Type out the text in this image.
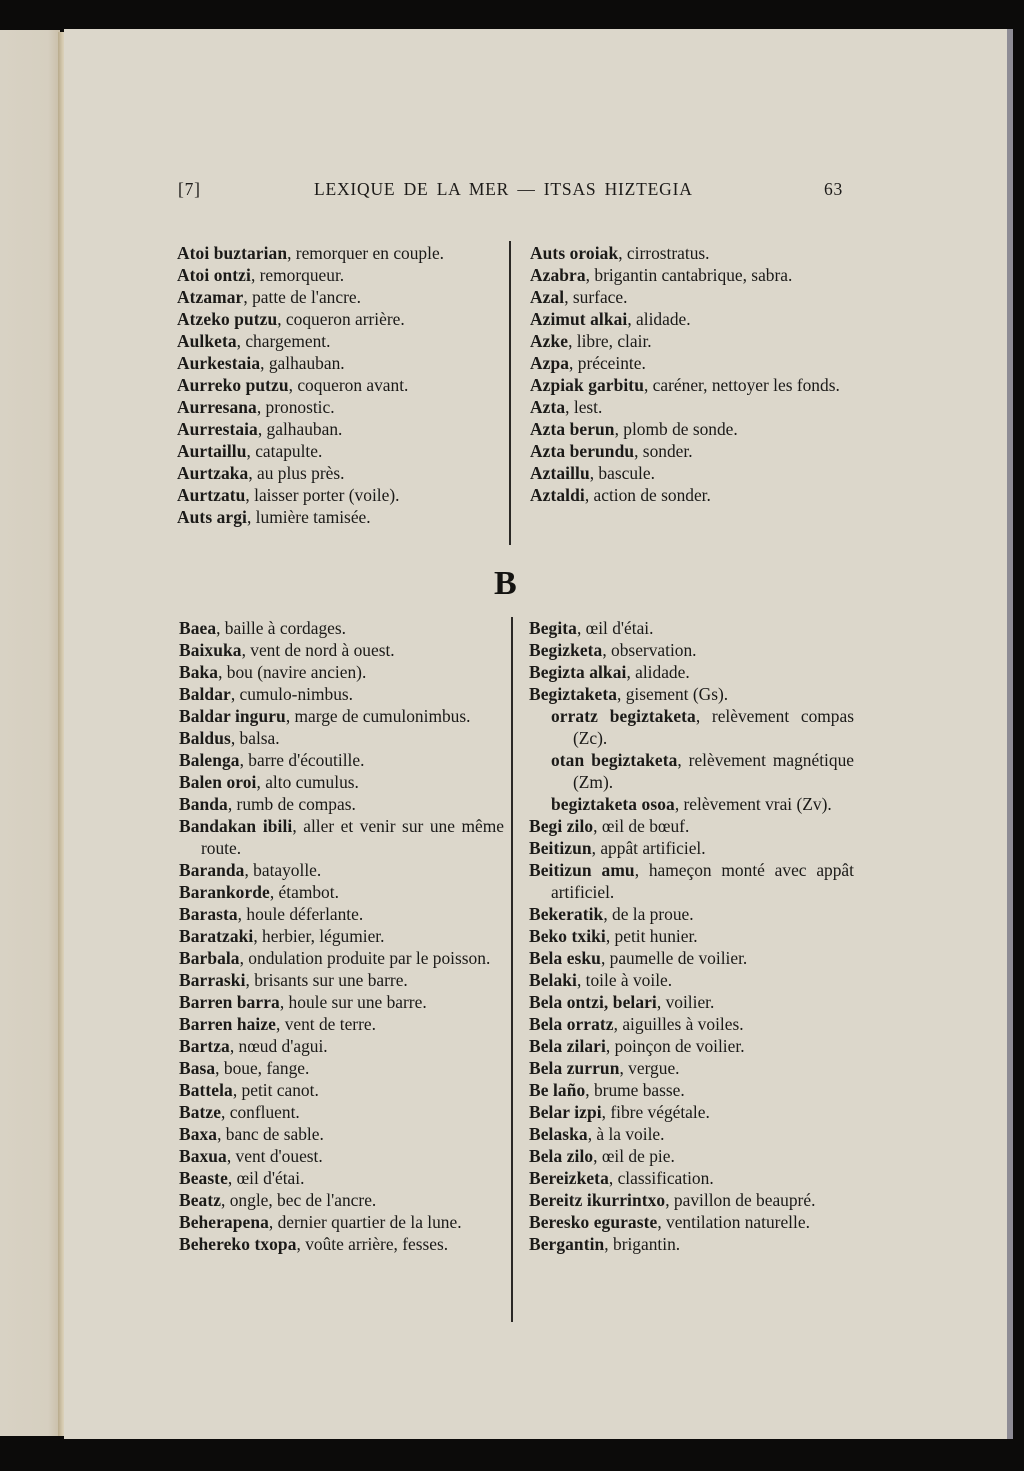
[7]	LEXIQUE DE LA MER — ITSAS HIZTEGIA	63

Atoi buztarian, remorquer en couple.

Atoi ontzi, remorqueur.

Atzamar, patte de l'ancre.

Atzeko putzu, coqueron arrière.

Aulketa, chargement.

Aurkestaia, galhauban.

Aurreko putzu, coqueron avant.

Aurresana, pronostic.

Aurrestaia, galhauban.

Aurtaillu, catapulte.

Aurtzaka, au plus près.

Aurtzatu, laisser porter (voile).

Auts argi, lumière tamisée.

Auts oroiak, cirrostratus.

Azabra, brigantin cantabrique, sabra.

Azal, surface.

Azimut alkai, alidade.

Azke, libre, clair.

Azpa, préceinte.

Azpiak garbitu, caréner, nettoyer les fonds.

Azta, lest.

Azta berun, plomb de sonde.

Azta berundu, sonder.

Aztaillu, bascule.

Aztaldi, action de sonder.

B

Baea, baille à cordages.

Baixuka, vent de nord à ouest.

Baka, bou (navire ancien).

Baldar, cumulo-nimbus.

Baldar inguru, marge de cumulonimbus.

Baldus, balsa.

Balenga, barre d'écoutille.

Balen oroi, alto cumulus.

Banda, rumb de compas.

Bandakan ibili, aller et venir sur une même route.

Baranda, batayolle.

Barankorde, étambot.

Barasta, houle déferlante.

Baratzaki, herbier, légumier.

Barbala, ondulation produite par le poisson.

Barraski, brisants sur une barre.

Barren barra, houle sur une barre.

Barren haize, vent de terre.

Bartza, nœud d'agui.

Basa, boue, fange.

Battela, petit canot.

Batze, confluent.

Baxa, banc de sable.

Baxua, vent d'ouest.

Beaste, œil d'étai.

Beatz, ongle, bec de l'ancre.

Beherapena, dernier quartier de la lune.

Behereko txopa, voûte arrière, fesses.

Begita, œil d'étai.

Begizketa, observation.

Begizta alkai, alidade.

Begiztaketa, gisement (Gs).

orratz begiztaketa, relèvement compas (Zc).

otan begiztaketa, relèvement magnétique (Zm).

begiztaketa osoa, relèvement vrai (Zv).

Begi zilo, œil de bœuf.

Beitizun, appât artificiel.

Beitizun amu, hameçon monté avec appât artificiel.

Bekeratik, de la proue.

Beko txiki, petit hunier.

Bela esku, paumelle de voilier.

Belaki, toile à voile.

Bela ontzi, belari, voilier.

Bela orratz, aiguilles à voiles.

Bela zilari, poinçon de voilier.

Bela zurrun, vergue.

Be laño, brume basse.

Belar izpi, fibre végétale.

Belaska, à la voile.

Bela zilo, œil de pie.

Bereizketa, classification.

Bereitz ikurrintxo, pavillon de beaupré.

Beresko eguraste, ventilation naturelle.

Bergantin, brigantin.
